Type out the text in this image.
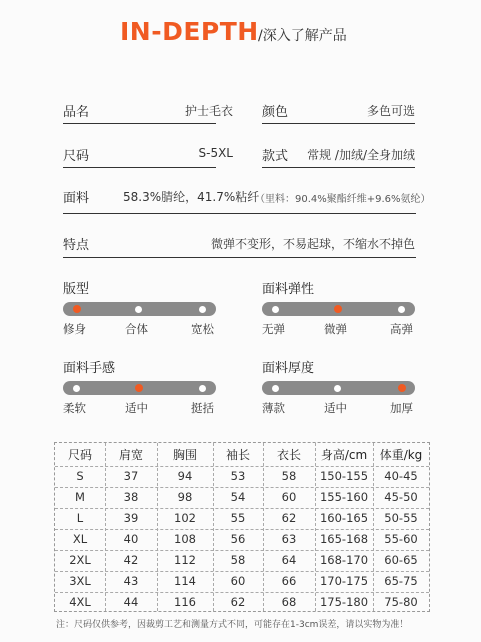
IN-DEPTH /深入了解产品
品名	护士毛衣 颜色	多色可选
尺码	S-5XL 款式 常规 /加绒/全身加绒
面料	58.3%腈纶，41.7%粘纤
（里料：90.4%聚酯纤维+9.6%氨纶）
特点	微弹不变形，不易起球，不缩水不掉色
版型
修身	合体	宽松
面料弹性
无弹	微弹	高弹
面料手感
柔软	适中	挺括
面料厚度
薄款	适中	加厚
尺码	肩宽	胸围	袖长	衣长	身高/cm	体重/kg
S	37	94	53	58	150-155	40-45
M	38	98	54	60	155-160	45-50
L	39	102	55	62	160-165	50-55
XL	40	108	56	63	165-168	55-60
2XL	42	112	58	64	168-170	60-65
3XL	43	114	60	66	170-175	65-75
4XL	44	116	62	68	175-180	75-80
注：尺码仅供参考，因裁剪工艺和测量方式不同，可能存在1-3cm误差，请以实物为准！
